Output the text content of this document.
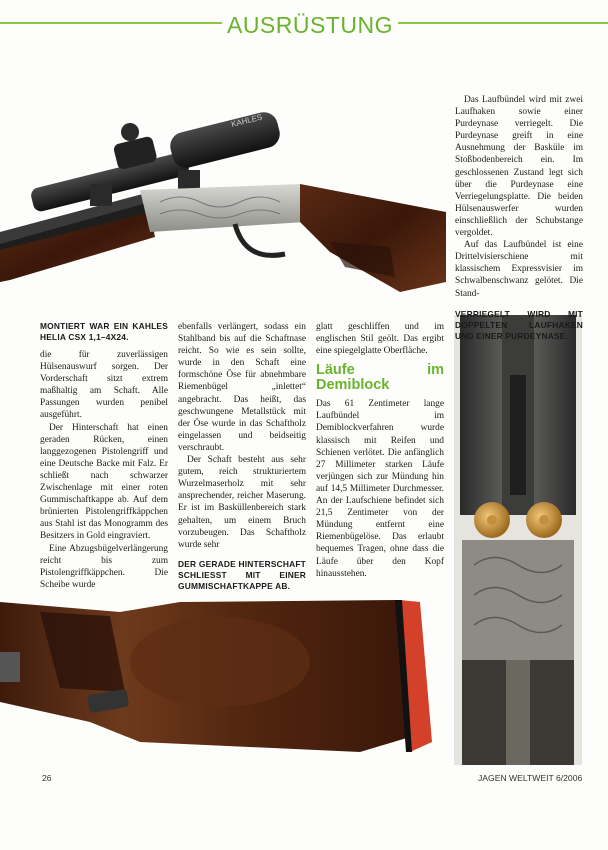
AUSRÜSTUNG
KAHLES

Das Laufbündel wird mit zwei Laufhaken sowie einer Purdeynase verriegelt. Die Purdeynase greift in eine Ausnehmung der Basküle im Stoßbodenbereich ein. Im geschlossenen Zustand legt sich über die Purdeynase eine Verriegelungsplatte. Die beiden Hülsenauswerfer wurden einschließlich der Schubstange vergoldet.

Auf das Laufbündel ist eine Drittelvisierschiene mit klassischem Expressvisier im Schwalbenschwanz gelötet. Die Stand-

VERRIEGELT WIRD MIT DOPPELTEN LAUFHAKEN UND EINER PURDEYNASE.
MONTIERT WAR EIN KAHLES HELIA CSX 1,1–4X24.

die für zuverlässigen Hülsenauswurf sorgen. Der Vorderschaft sitzt extrem maßhaltig am Schaft. Alle Passungen wurden penibel ausgeführt.

Der Hinterschaft hat einen geraden Rücken, einen langgezogenen Pistolengriff und eine Deutsche Backe mit Falz. Er schließt nach schwarzer Zwischenlage mit einer roten Gummischaftkappe ab. Auf dem brünierten Pistolengriffkäppchen aus Stahl ist das Monogramm des Besitzers in Gold eingraviert.

Eine Abzugsbügelverlängerung reicht bis zum Pistolengriffkäppchen. Die Scheibe wurde

ebenfalls verlängert, sodass ein Stahlband bis auf die Schaftnase reicht. So wie es sein sollte, wurde in den Schaft eine formschöne Öse für abnehmbare Riemenbügel „inlettet“ angebracht. Das heißt, das geschwungene Metallstück mit der Öse wurde in das Schaftholz eingelassen und beidseitig verschraubt.

Der Schaft besteht aus sehr gutem, reich strukturiertem Wurzelmaserholz mit sehr ansprechender, reicher Maserung. Er ist im Basküllenbereich stark gehalten, um einem Bruch vorzubeugen. Das Schaftholz wurde sehr

DER GERADE HINTERSCHAFT SCHLIESST MIT EINER GUMMISCHAFTKAPPE AB.

glatt geschliffen und im englischen Stil geölt. Das ergibt eine spiegelglatte Oberfläche.

Läufe im Demiblock

Das 61 Zentimeter lange Laufbündel im Demiblockverfahren wurde klassisch mit Reifen und Schienen verlötet. Die anfänglich 27 Millimeter starken Läufe verjüngen sich zur Mündung hin auf 14,5 Millimeter Durchmesser. An der Laufschiene befindet sich 21,5 Zentimeter von der Mündung entfernt eine Riemenbügelöse. Das erlaubt bequemes Tragen, ohne dass die Läufe über den Kopf hinausstehen.

26	JAGEN WELTWEIT 6/2006
